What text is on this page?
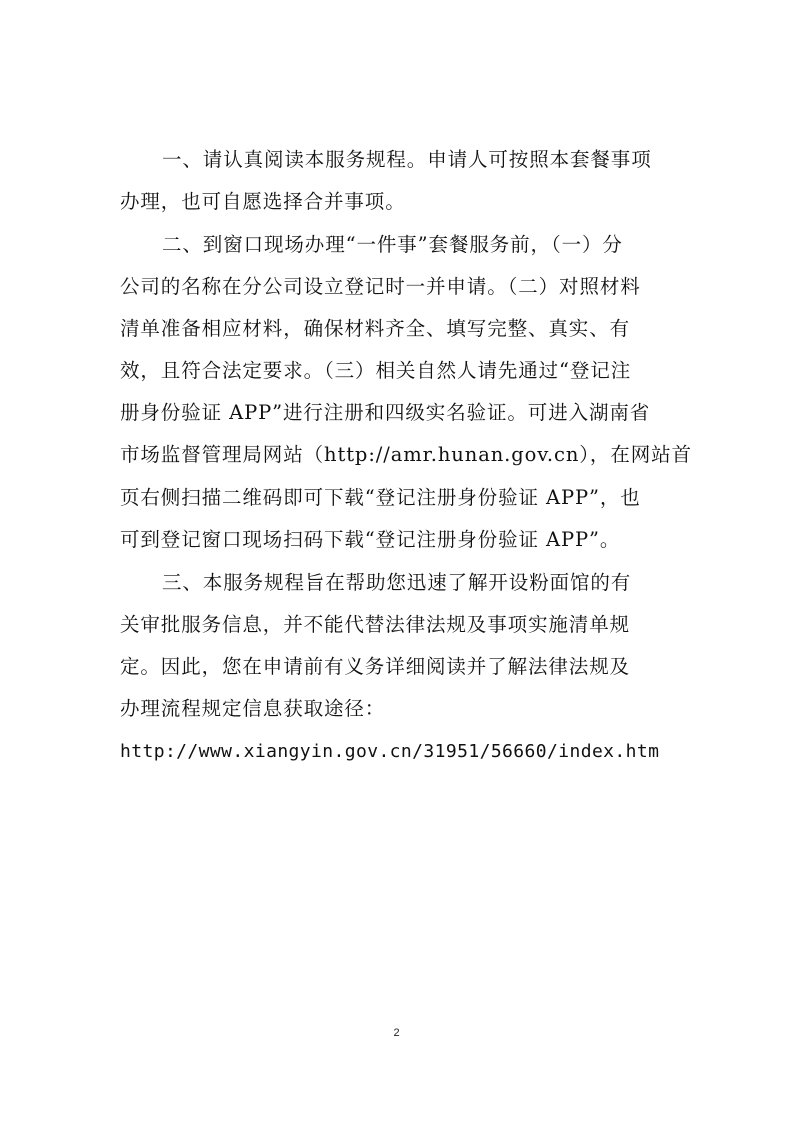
一、请认真阅读本服务规程。申请人可按照本套餐事项
办理，也可自愿选择合并事项。
二、到窗口现场办理“一件事”套餐服务前，（一）分
公司的名称在分公司设立登记时一并申请。（二）对照材料
清单准备相应材料，确保材料齐全、填写完整、真实、有
效，且符合法定要求。（三）相关自然人请先通过“登记注
册身份验证 APP”进行注册和四级实名验证。可进入湖南省
市场监督管理局网站（http://amr.hunan.gov.cn），在网站首
页右侧扫描二维码即可下载“登记注册身份验证 APP”，也
可到登记窗口现场扫码下载“登记注册身份验证 APP”。
三、本服务规程旨在帮助您迅速了解开设粉面馆的有
关审批服务信息，并不能代替法律法规及事项实施清单规
定。因此，您在申请前有义务详细阅读并了解法律法规及
办理流程规定信息获取途径：
http://www.xiangyin.gov.cn/31951/56660/index.htm
2
